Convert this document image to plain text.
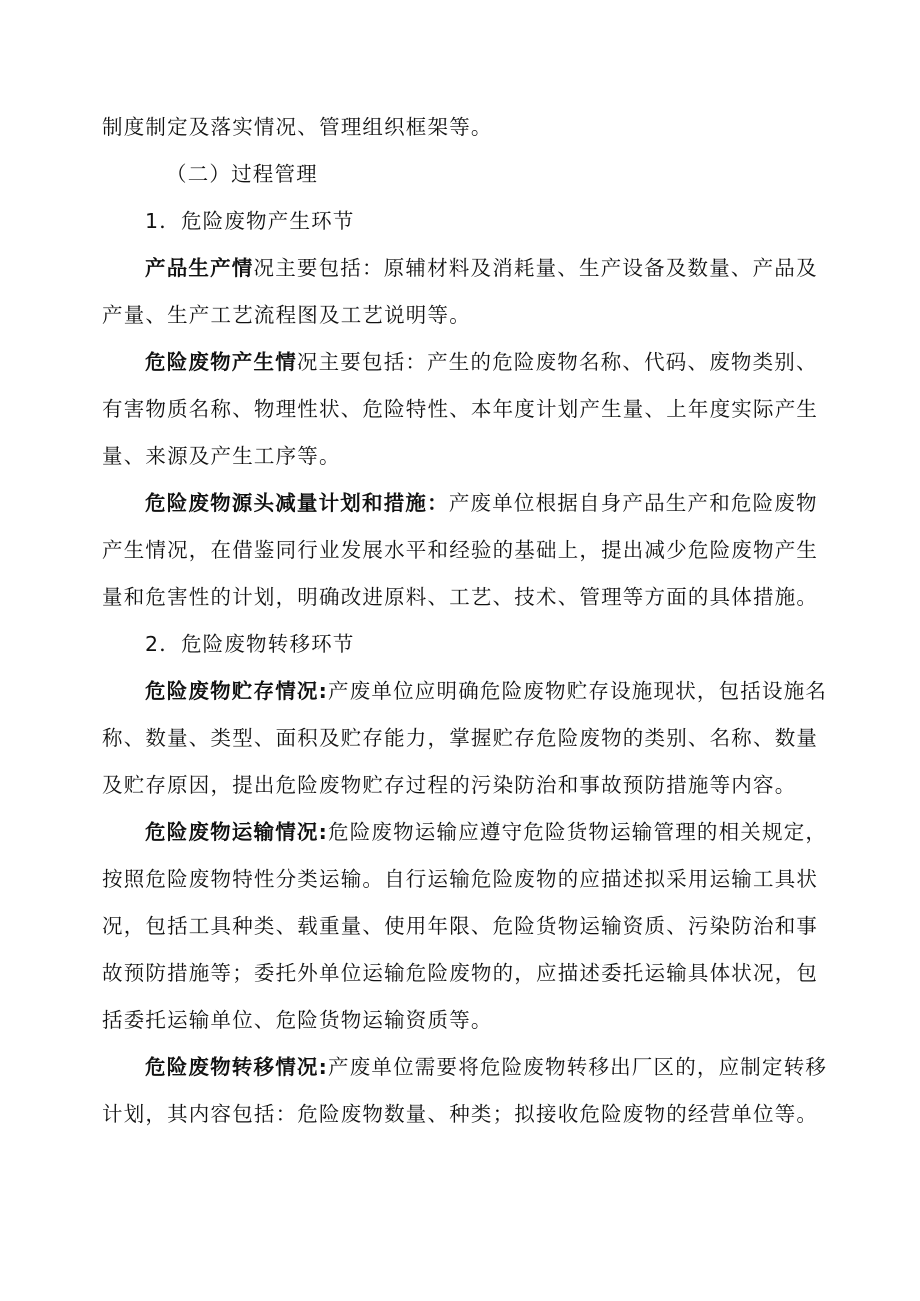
制度制定及落实情况、管理组织框架等。

（二）过程管理

1．危险废物产生环节

产品生产情况主要包括：原辅材料及消耗量、生产设备及数量、产品及

产量、生产工艺流程图及工艺说明等。

危险废物产生情况主要包括：产生的危险废物名称、代码、废物类别、

有害物质名称、物理性状、危险特性、本年度计划产生量、上年度实际产生

量、来源及产生工序等。

危险废物源头减量计划和措施：产废单位根据自身产品生产和危险废物

产生情况，在借鉴同行业发展水平和经验的基础上，提出减少危险废物产生

量和危害性的计划，明确改进原料、工艺、技术、管理等方面的具体措施。

2．危险废物转移环节

危险废物贮存情况:产废单位应明确危险废物贮存设施现状，包括设施名

称、数量、类型、面积及贮存能力，掌握贮存危险废物的类别、名称、数量

及贮存原因，提出危险废物贮存过程的污染防治和事故预防措施等内容。

危险废物运输情况:危险废物运输应遵守危险货物运输管理的相关规定，

按照危险废物特性分类运输。自行运输危险废物的应描述拟采用运输工具状

况，包括工具种类、载重量、使用年限、危险货物运输资质、污染防治和事

故预防措施等；委托外单位运输危险废物的，应描述委托运输具体状况，包

括委托运输单位、危险货物运输资质等。

危险废物转移情况:产废单位需要将危险废物转移出厂区的，应制定转移

计划，其内容包括：危险废物数量、种类；拟接收危险废物的经营单位等。
